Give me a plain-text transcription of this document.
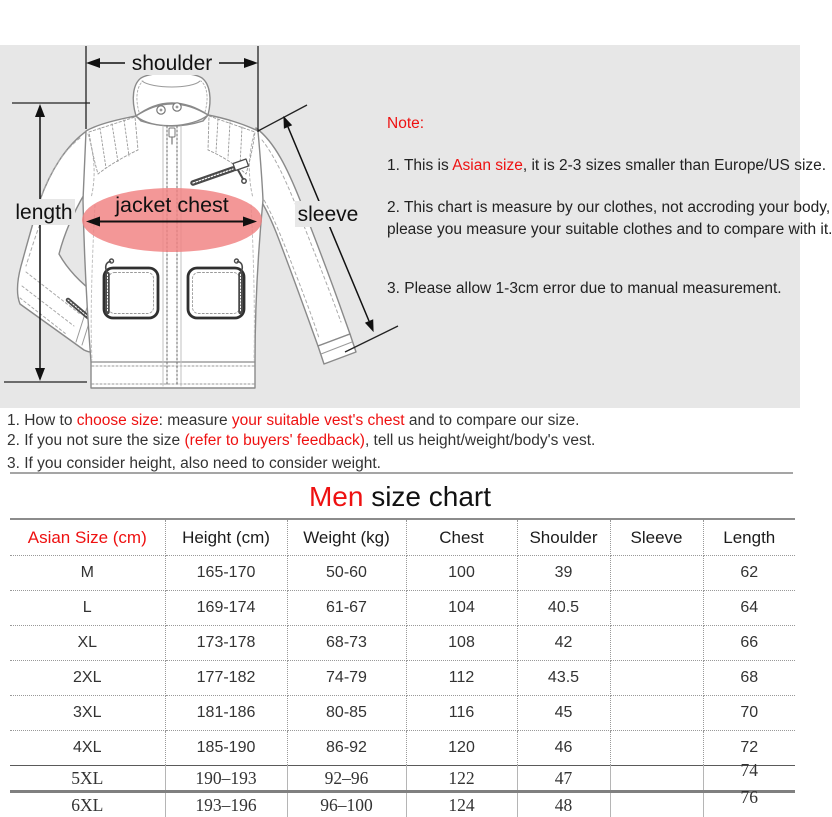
jacket chest
shoulder
length	sleeve
Note:
1. This is Asian size, it is 2-3 sizes smaller than Europe/US size.
2. This chart is measure by our clothes, not accroding your body,
please you measure your suitable clothes and to compare with it.
3. Please allow 1-3cm error due to manual measurement.
1. How to choose size: measure your suitable vest's chest and to compare our size.
2. If you not sure the size (refer to buyers' feedback), tell us height/weight/body's vest.
3. If you consider height, also need to consider weight.
Men size chart
Asian Size (cm)	Height (cm)	Weight (kg)	Chest	Shoulder	Sleeve	Length
M	165-170	50-60	100	39		62
L	169-174	61-67	104	40.5		64
XL	173-178	68-73	108	42		66
2XL	177-182	74-79	112	43.5		68
3XL	181-186	80-85	116	45		70
4XL	185-190	86-92	120	46		72
5XL	190–193	92–96	122	47		74
6XL	193–196	96–100	124	48		76
